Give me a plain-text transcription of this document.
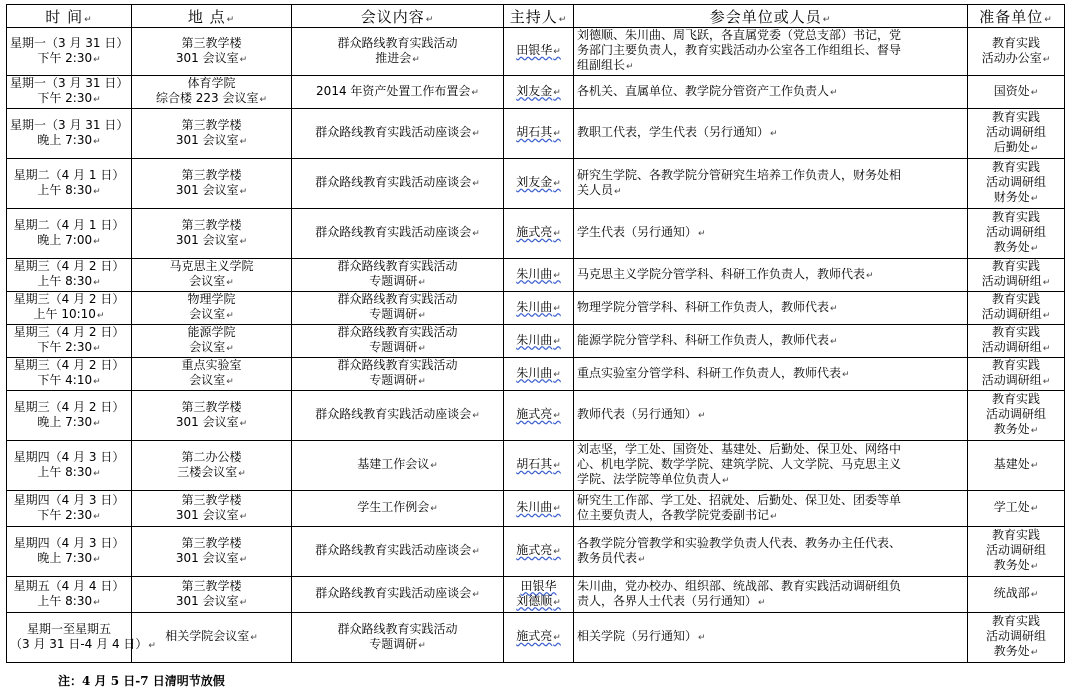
时 间 ↵	地 点 ↵	会议内容 ↵	主持人 ↵	参会单位或人员 ↵	准备单位 ↵

星期一（3 月 31 日）
下午 2:30 ↵	第三教学楼
301 会议室 ↵	群众路线教育实践活动
推进会 ↵	田银华 ↵	刘德顺、朱川曲、周飞跃，各直属党委（党总支部）书记，党
务部门主要负责人，教育实践活动办公室各工作组组长、督导
组副组长 ↵	教育实践
活动办公室 ↵

星期一（3 月 31 日）
下午 2:30 ↵	体育学院
综合楼 223 会议室 ↵	2014 年资产处置工作布置会 ↵	刘友金 ↵	各机关、直属单位、教学院分管资产工作负责人 ↵	国资处 ↵

星期一（3 月 31 日）
晚上 7:30 ↵	第三教学楼
301 会议室 ↵	群众路线教育实践活动座谈会 ↵	胡石其 ↵	教职工代表，学生代表（另行通知） ↵	教育实践
活动调研组
后勤处 ↵

星期二（4 月 1 日）
上午 8:30 ↵	第三教学楼
301 会议室 ↵	群众路线教育实践活动座谈会 ↵	刘友金 ↵	研究生学院、各教学院分管研究生培养工作负责人，财务处相
关人员 ↵	教育实践
活动调研组
财务处 ↵

星期二（4 月 1 日）
晚上 7:00 ↵	第三教学楼
301 会议室 ↵	群众路线教育实践活动座谈会 ↵	施式亮 ↵	学生代表（另行通知） ↵	教育实践
活动调研组
教务处 ↵

星期三（4 月 2 日）
上午 8:30 ↵	马克思主义学院
会议室 ↵	群众路线教育实践活动
专题调研 ↵	朱川曲 ↵	马克思主义学院分管学科、科研工作负责人，教师代表 ↵	教育实践
活动调研组 ↵

星期三（4 月 2 日）
上午 10:10 ↵	物理学院
会议室 ↵	群众路线教育实践活动
专题调研 ↵	朱川曲 ↵	物理学院分管学科、科研工作负责人，教师代表 ↵	教育实践
活动调研组 ↵

星期三（4 月 2 日）
下午 2:30 ↵	能源学院
会议室 ↵	群众路线教育实践活动
专题调研 ↵	朱川曲 ↵	能源学院分管学科、科研工作负责人，教师代表 ↵	教育实践
活动调研组 ↵

星期三（4 月 2 日）
下午 4:10 ↵	重点实验室
会议室 ↵	群众路线教育实践活动
专题调研 ↵	朱川曲 ↵	重点实验室分管学科、科研工作负责人，教师代表 ↵	教育实践
活动调研组 ↵

星期三（4 月 2 日）
晚上 7:30 ↵	第三教学楼
301 会议室 ↵	群众路线教育实践活动座谈会 ↵	施式亮 ↵	教师代表（另行通知） ↵	教育实践
活动调研组
教务处 ↵

星期四（4 月 3 日）
上午 8:30 ↵	第二办公楼
三楼会议室 ↵	基建工作会议 ↵	胡石其 ↵	刘志坚，学工处、国资处、基建处、后勤处、保卫处、网络中
心、机电学院、数学学院、建筑学院、人文学院、马克思主义
学院、法学院等单位负责人 ↵	基建处 ↵

星期四（4 月 3 日）
下午 2:30 ↵	第三教学楼
301 会议室 ↵	学生工作例会 ↵	朱川曲 ↵	研究生工作部、学工处、招就处、后勤处、保卫处、团委等单
位主要负责人，各教学院党委副书记 ↵	学工处 ↵

星期四（4 月 3 日）
晚上 7:30 ↵	第三教学楼
301 会议室 ↵	群众路线教育实践活动座谈会 ↵	施式亮 ↵	各教学院分管教学和实验教学负责人代表、教务办主任代表、
教务员代表 ↵	教育实践
活动调研组
教务处 ↵

星期五（4 月 4 日）
上午 8:30 ↵	第三教学楼
301 会议室 ↵	群众路线教育实践活动座谈会 ↵	田银华
刘德顺 ↵	朱川曲，党办校办、组织部、统战部、教育实践活动调研组负
责人，各界人士代表（另行通知） ↵	统战部 ↵

星期一至星期五
（3 月 31 日-4 月 4 日） ↵	相关学院会议室 ↵	群众路线教育实践活动
专题调研 ↵	施式亮 ↵	相关学院（另行通知） ↵	教育实践
活动调研组
教务处 ↵
注：4 月 5 日-7 日清明节放假
